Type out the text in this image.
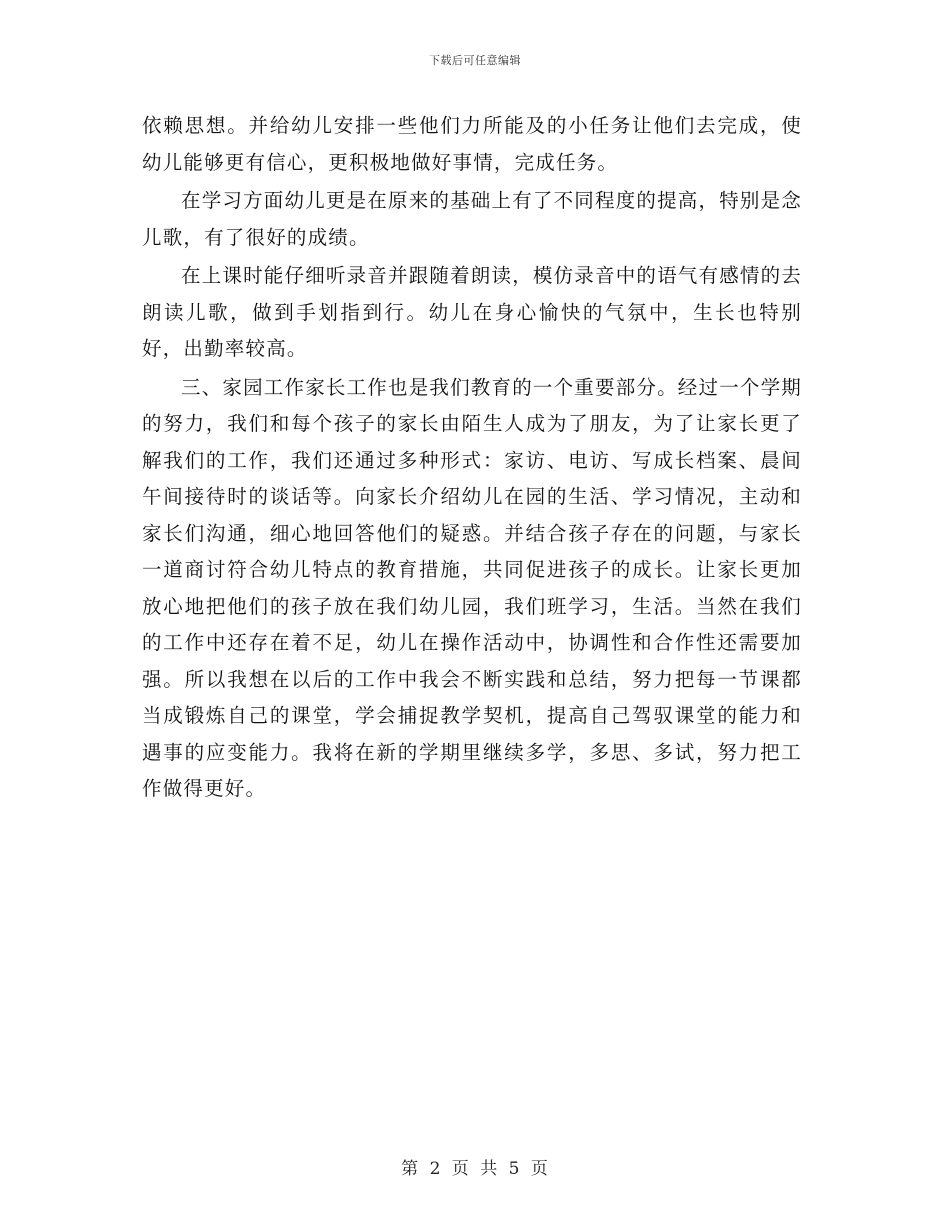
下载后可任意编辑

依赖思想。并给幼儿安排一些他们力所能及的小任务让他们去完成，使幼儿能够更有信心，更积极地做好事情，完成任务。

在学习方面幼儿更是在原来的基础上有了不同程度的提高，特别是念儿歌，有了很好的成绩。

在上课时能仔细听录音并跟随着朗读，模仿录音中的语气有感情的去朗读儿歌，做到手划指到行。幼儿在身心愉快的气氛中，生长也特别好，出勤率较高。

三、家园工作家长工作也是我们教育的一个重要部分。经过一个学期的努力，我们和每个孩子的家长由陌生人成为了朋友，为了让家长更了解我们的工作，我们还通过多种形式：家访、电访、写成长档案、晨间午间接待时的谈话等。向家长介绍幼儿在园的生活、学习情况，主动和家长们沟通，细心地回答他们的疑惑。并结合孩子存在的问题，与家长一道商讨符合幼儿特点的教育措施，共同促进孩子的成长。让家长更加放心地把他们的孩子放在我们幼儿园，我们班学习，生活。当然在我们的工作中还存在着不足，幼儿在操作活动中，协调性和合作性还需要加强。所以我想在以后的工作中我会不断实践和总结，努力把每一节课都当成锻炼自己的课堂，学会捕捉教学契机，提高自己驾驭课堂的能力和遇事的应变能力。我将在新的学期里继续多学，多思、多试，努力把工作做得更好。

第 2 页 共 5 页
